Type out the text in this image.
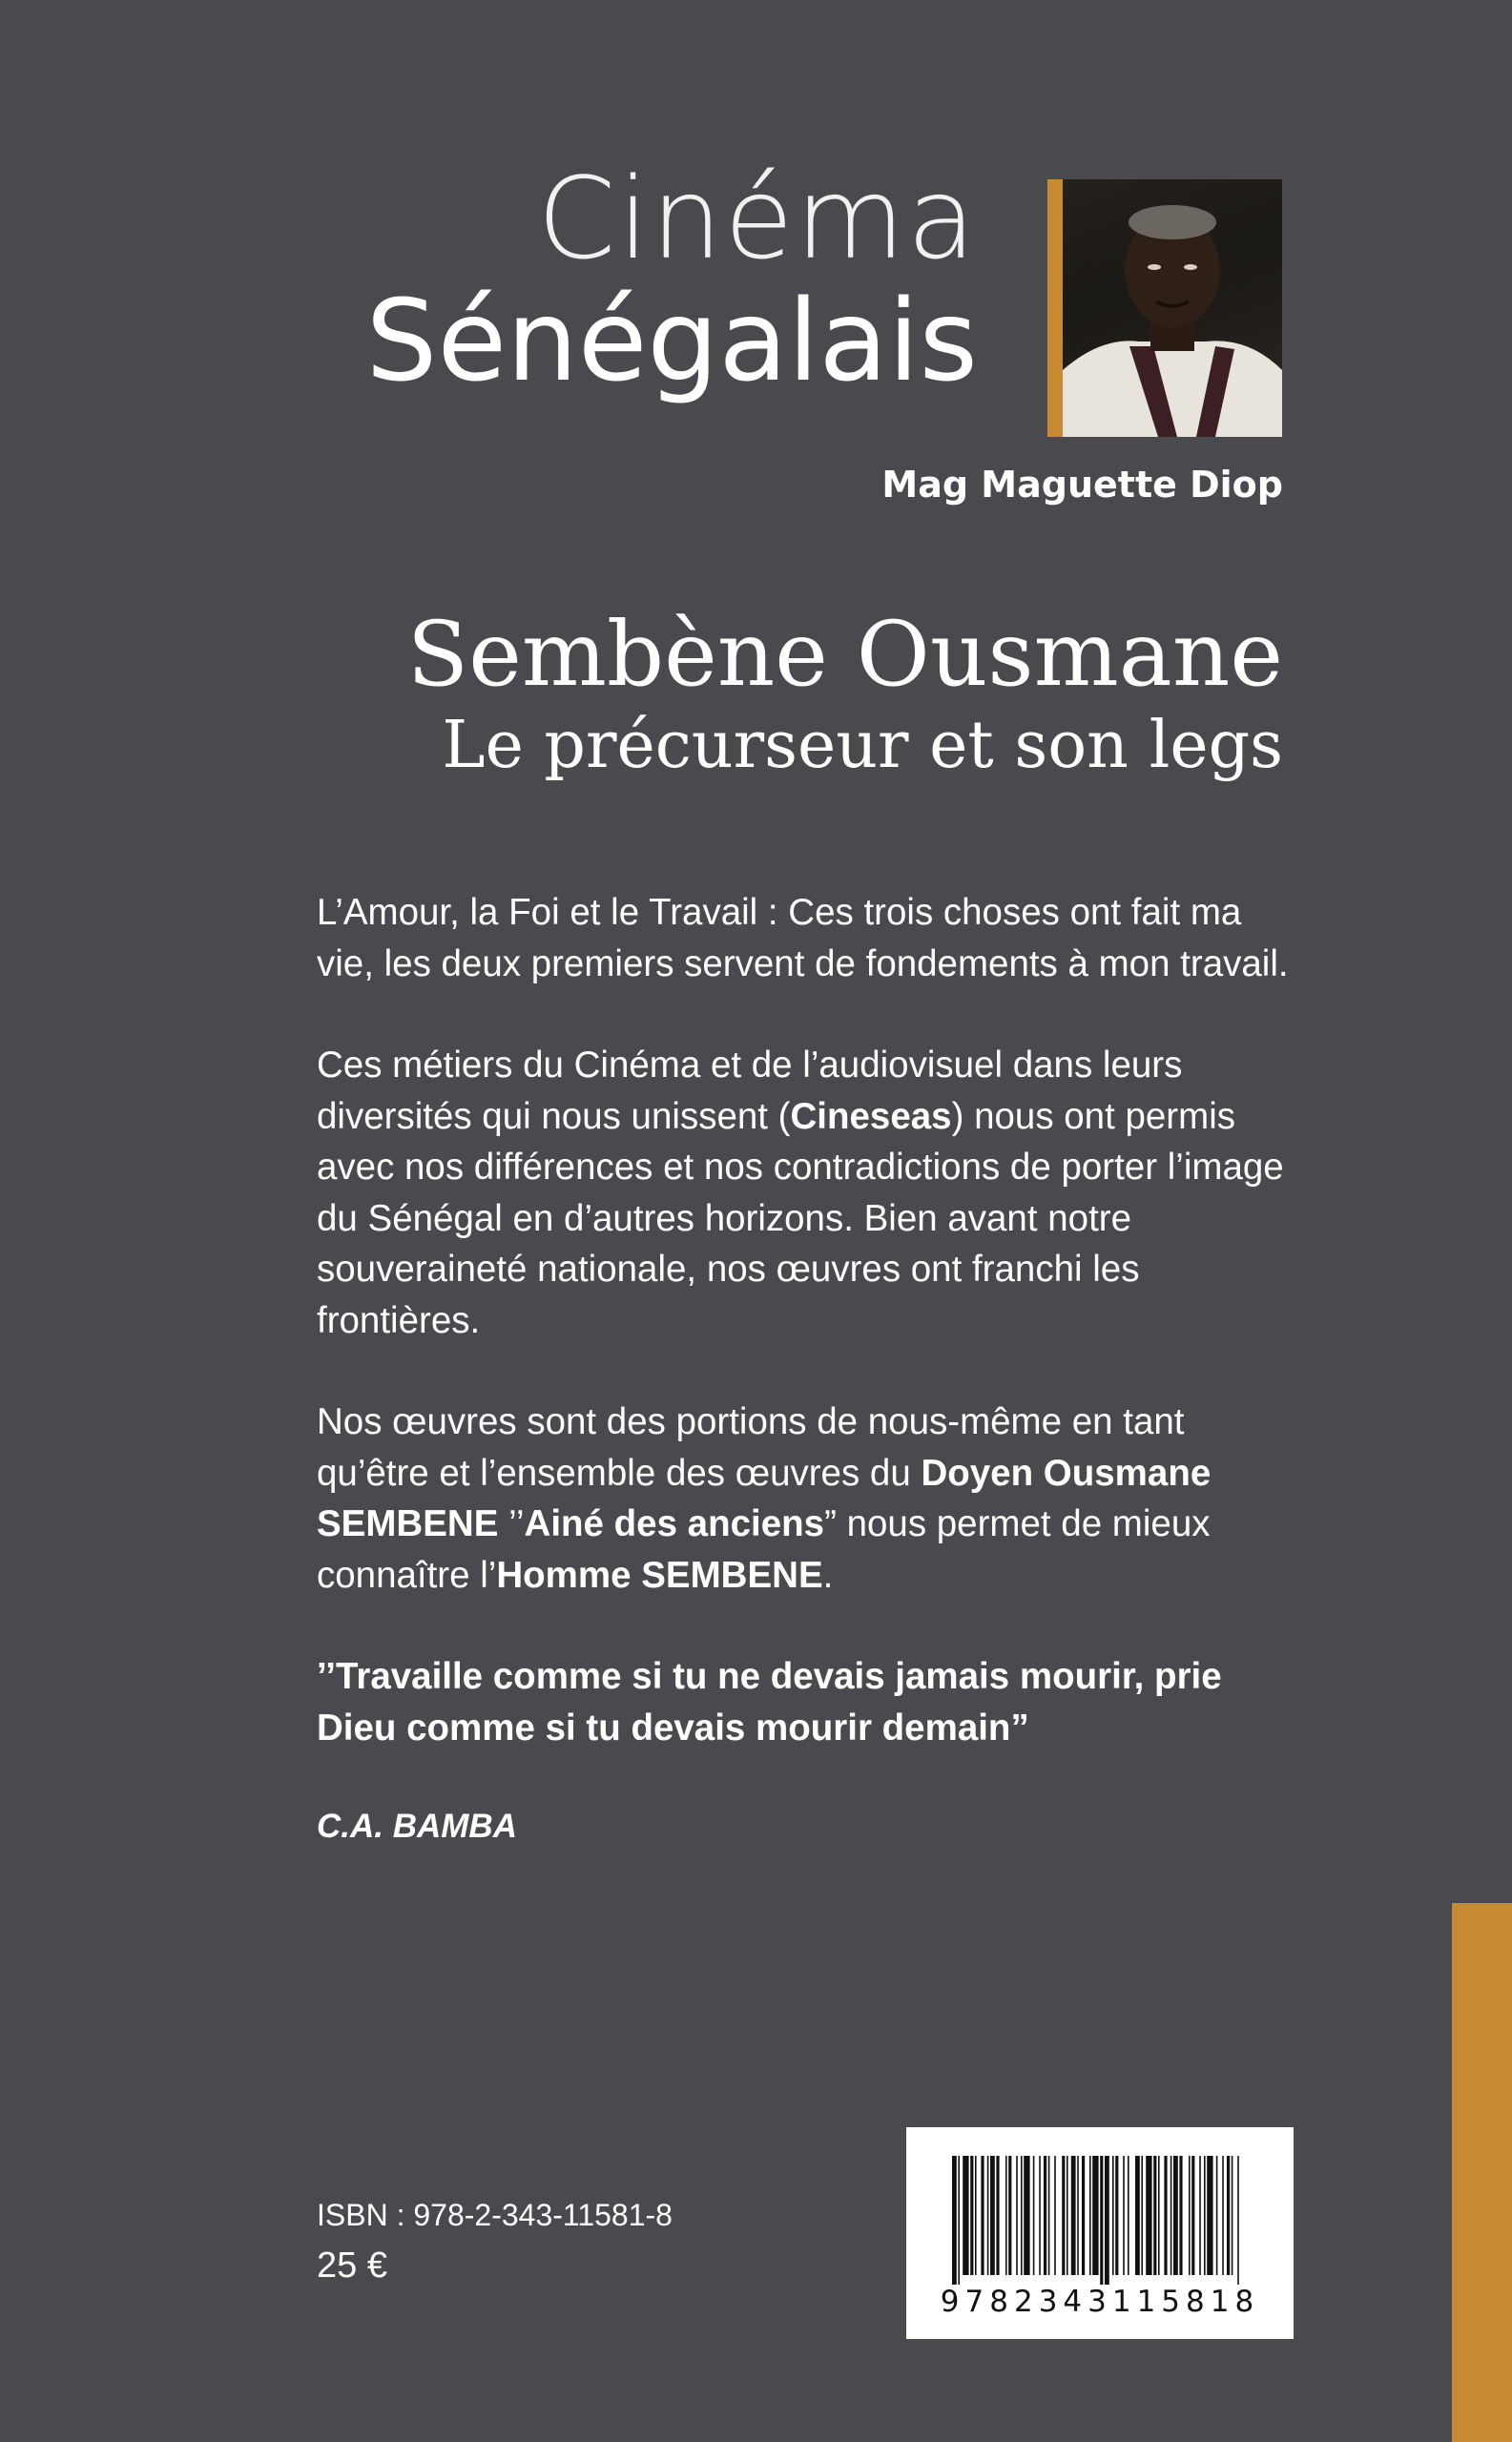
Cinéma
Sénégalais
Mag Maguette Diop
Sembène Ousmane
Le précurseur et son legs

L’Amour, la Foi et le Travail : Ces trois choses ont fait ma vie, les deux premiers servent de fondements à mon travail.

Ces métiers du Cinéma et de l’audiovisuel dans leurs diversités qui nous unissent (Cineseas) nous ont permis avec nos différences et nos contradictions de porter l’image du Sénégal en d’autres horizons. Bien avant notre souveraineté nationale, nos œuvres ont franchi les frontières.

Nos œuvres sont des portions de nous-même en tant qu’être et l’ensemble des œuvres du Doyen Ousmane SEMBENE ’’Ainé des anciens” nous permet de mieux connaître l’Homme SEMBENE.

’’Travaille comme si tu ne devais jamais mourir, prie Dieu comme si tu devais mourir demain”

C.A. BAMBA
ISBN : 978-2-343-11581-8
25 €
9782343115818
